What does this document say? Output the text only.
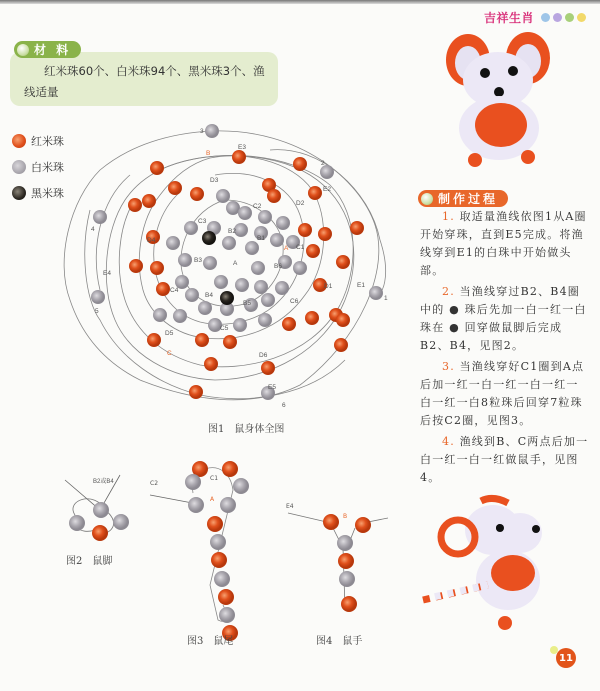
吉祥生肖
材 料
红米珠60个、白米珠94个、黑米珠3个、渔线适量
红米珠
白米珠
黑米珠
E3
D3
E2
D2
C2
C3
B2
B1
C1
D4
B3	A	B6
E4
C4
B4
B5	C6
D1	E1
D5
C5
D6
E5
3
2
4
5
1
6
B
A
C
图1　鼠身体全图
B2或B4
图2　鼠脚
C2
C1
A
图3　鼠尾
E4
B
图4　鼠手
制作过程

1. 取适量渔线依图1从A圈开始穿珠，直到E5完成。将渔线穿到E1的白珠中开始做头部。

2. 当渔线穿过B2、B4圈中的 ● 珠后先加一白一红一白珠在 ● 回穿做鼠脚后完成B2、B4，见图2。

3. 当渔线穿好C1圈到A点后加一红一白一红一白一红一白一红一白8粒珠后回穿7粒珠后按C2圈，见图3。

4. 渔线到B、C两点后加一白一红一白一红做鼠手，见图4。

11
